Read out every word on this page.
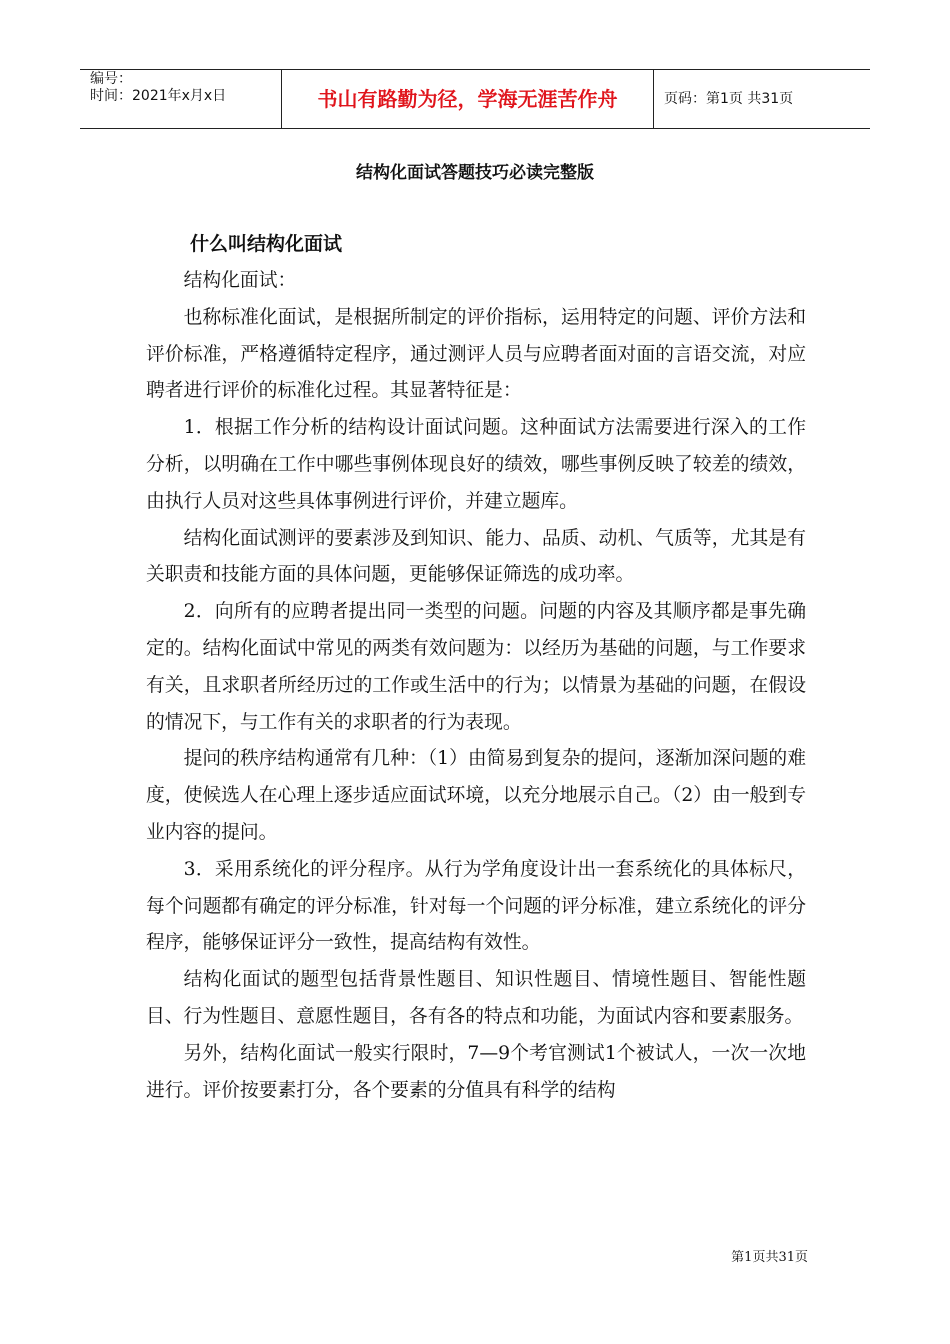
编号：
时间：2021年x月x日	书山有路勤为径，学海无涯苦作舟	页码：第1页 共31页
结构化面试答题技巧必读完整版
什么叫结构化面试

结构化面试：

也称标准化面试，是根据所制定的评价指标，运用特定的问题、评价方法和评价标准，严格遵循特定程序，通过测评人员与应聘者面对面的言语交流，对应聘者进行评价的标准化过程。其显著特征是：

1．根据工作分析的结构设计面试问题。这种面试方法需要进行深入的工作分析，以明确在工作中哪些事例体现良好的绩效，哪些事例反映了较差的绩效，由执行人员对这些具体事例进行评价，并建立题库。

结构化面试测评的要素涉及到知识、能力、品质、动机、气质等，尤其是有关职责和技能方面的具体问题，更能够保证筛选的成功率。

2．向所有的应聘者提出同一类型的问题。问题的内容及其顺序都是事先确定的。结构化面试中常见的两类有效问题为：以经历为基础的问题，与工作要求有关，且求职者所经历过的工作或生活中的行为；以情景为基础的问题，在假设的情况下，与工作有关的求职者的行为表现。

提问的秩序结构通常有几种：（1）由简易到复杂的提问，逐渐加深问题的难度，使候选人在心理上逐步适应面试环境，以充分地展示自己。（2）由一般到专业内容的提问。

3．采用系统化的评分程序。从行为学角度设计出一套系统化的具体标尺，每个问题都有确定的评分标准，针对每一个问题的评分标准，建立系统化的评分程序，能够保证评分一致性，提高结构有效性。

结构化面试的题型包括背景性题目、知识性题目、情境性题目、智能性题目、行为性题目、意愿性题目，各有各的特点和功能，为面试内容和要素服务。

另外，结构化面试一般实行限时，7—9个考官测试1个被试人，一次一次地进行。评价按要素打分，各个要素的分值具有科学的结构

第1页共31页
